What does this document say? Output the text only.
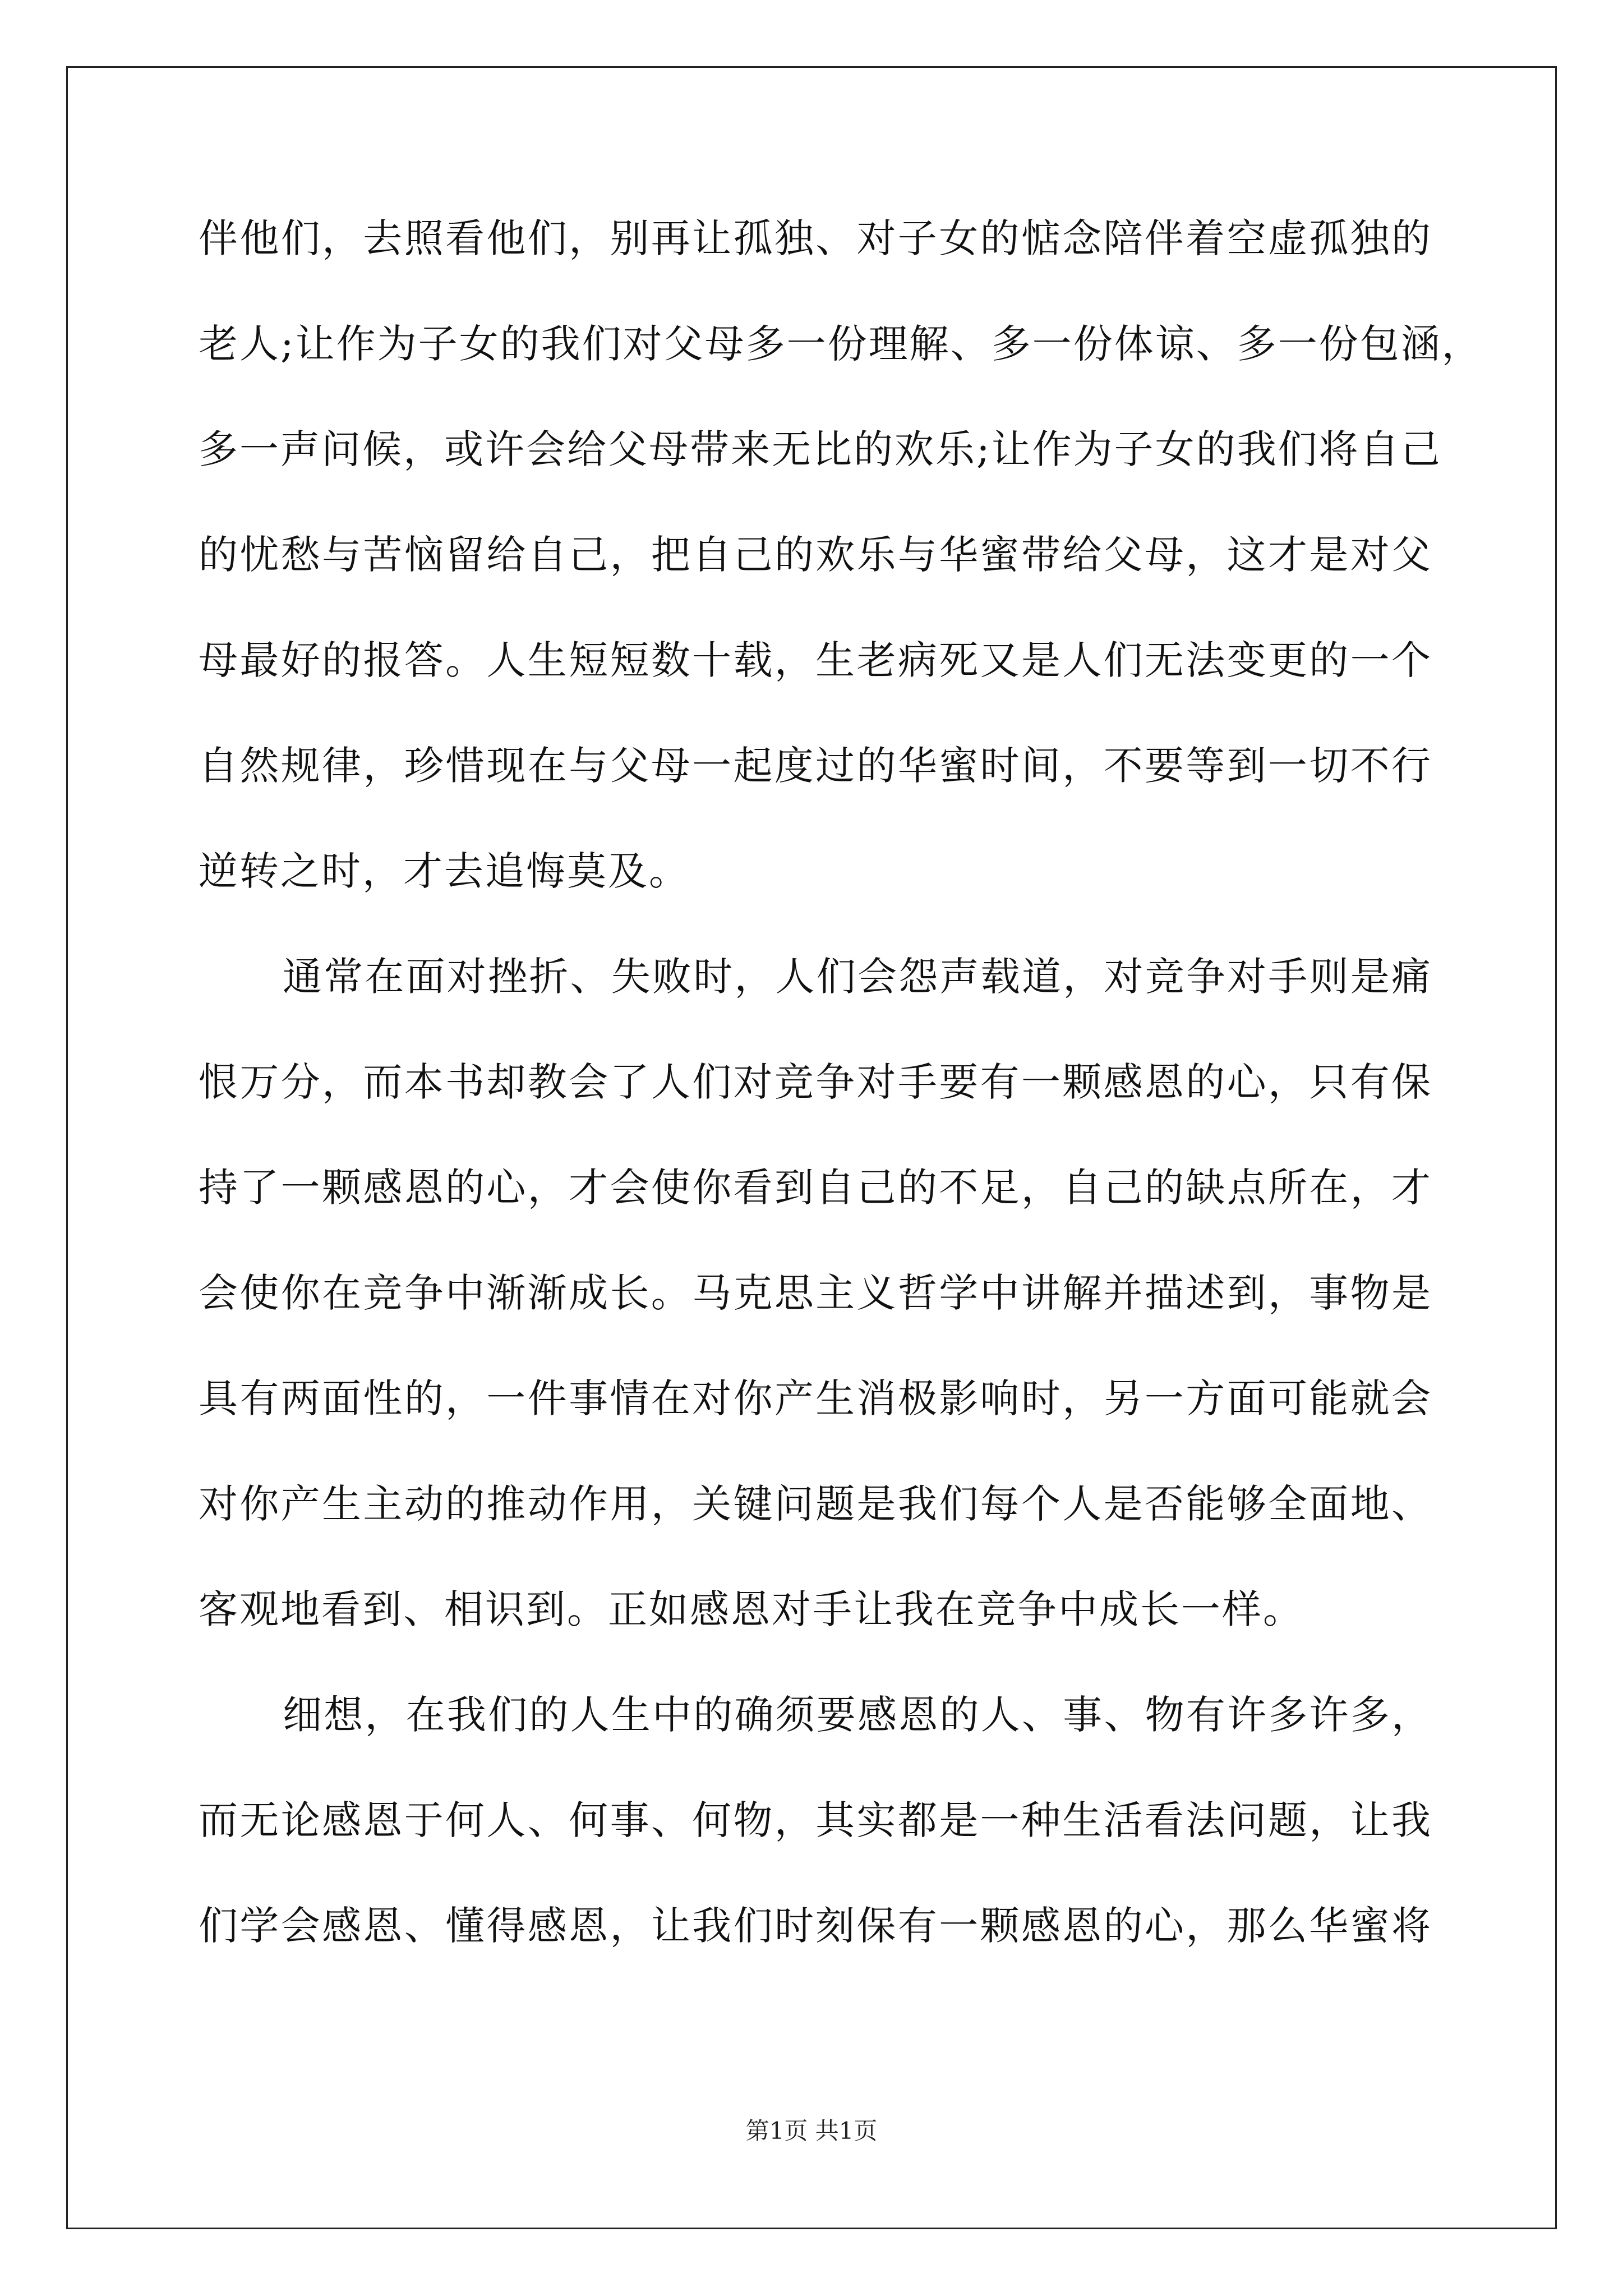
伴他们，去照看他们，别再让孤独、对子女的惦念陪伴着空虚孤独的
老人;让作为子女的我们对父母多一份理解、多一份体谅、多一份包涵，
多一声问候，或许会给父母带来无比的欢乐;让作为子女的我们将自己
的忧愁与苦恼留给自己，把自己的欢乐与华蜜带给父母，这才是对父
母最好的报答。人生短短数十载，生老病死又是人们无法变更的一个
自然规律，珍惜现在与父母一起度过的华蜜时间，不要等到一切不行
逆转之时，才去追悔莫及。
通常在面对挫折、失败时，人们会怨声载道，对竞争对手则是痛
恨万分，而本书却教会了人们对竞争对手要有一颗感恩的心，只有保
持了一颗感恩的心，才会使你看到自己的不足，自己的缺点所在，才
会使你在竞争中渐渐成长。马克思主义哲学中讲解并描述到，事物是
具有两面性的，一件事情在对你产生消极影响时，另一方面可能就会
对你产生主动的推动作用，关键问题是我们每个人是否能够全面地、
客观地看到、相识到。正如感恩对手让我在竞争中成长一样。
细想，在我们的人生中的确须要感恩的人、事、物有许多许多，
而无论感恩于何人、何事、何物，其实都是一种生活看法问题，让我
们学会感恩、懂得感恩，让我们时刻保有一颗感恩的心，那么华蜜将
第1页 共1页
